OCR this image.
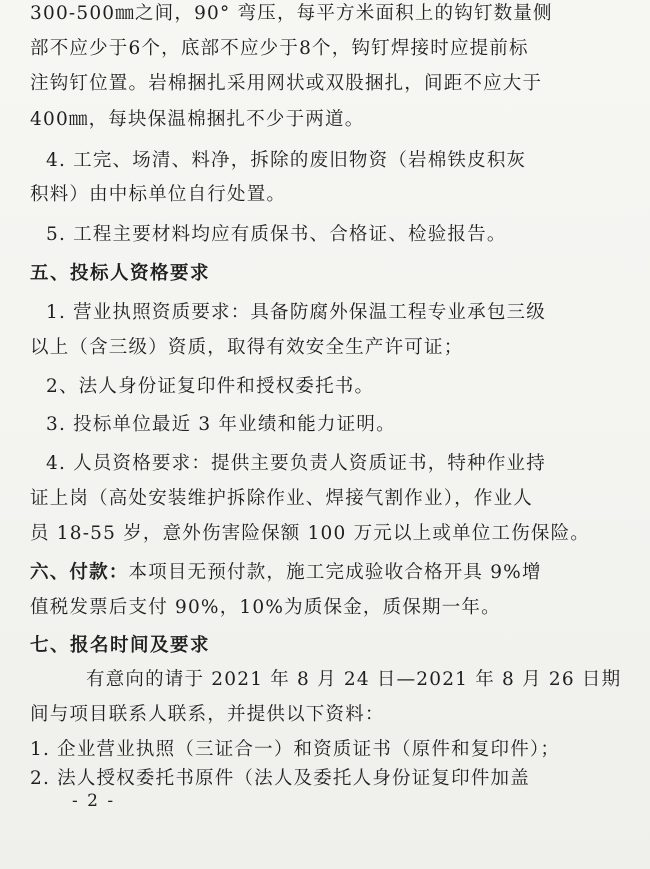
300-500㎜之间，90° 弯压，每平方米面积上的钩钉数量侧
部不应少于6个，底部不应少于8个，钩钉焊接时应提前标
注钩钉位置。岩棉捆扎采用网状或双股捆扎，间距不应大于
400㎜，每块保温棉捆扎不少于两道。
4. 工完、场清、料净，拆除的废旧物资（岩棉铁皮积灰
积料）由中标单位自行处置。
5. 工程主要材料均应有质保书、合格证、检验报告。
五、投标人资格要求
1. 营业执照资质要求：具备防腐外保温工程专业承包三级
以上（含三级）资质，取得有效安全生产许可证；
2、法人身份证复印件和授权委托书。
3. 投标单位最近 3 年业绩和能力证明。
4. 人员资格要求：提供主要负责人资质证书，特种作业持
证上岗（高处安装维护拆除作业、焊接气割作业），作业人
员 18-55 岁，意外伤害险保额 100 万元以上或单位工伤保险。
六、付款：本项目无预付款，施工完成验收合格开具 9%增
值税发票后支付 90%，10%为质保金，质保期一年。
七、报名时间及要求
有意向的请于 2021 年 8 月 24 日—2021 年 8 月 26 日期
间与项目联系人联系，并提供以下资料：
1. 企业营业执照（三证合一）和资质证书（原件和复印件）；
2. 法人授权委托书原件（法人及委托人身份证复印件加盖
- 2 -
